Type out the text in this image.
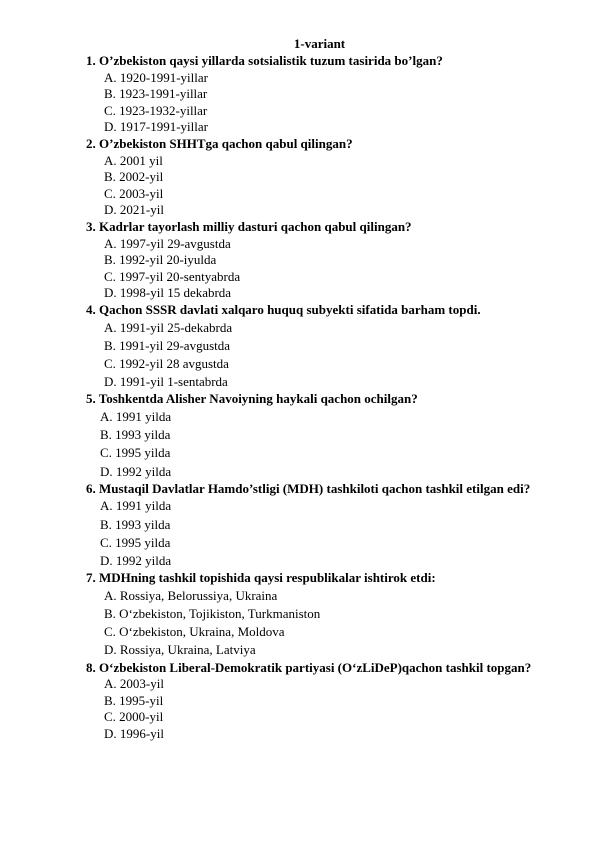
1-variant

1. O’zbekiston qaysi yillarda sotsialistik tuzum tasirida bo’lgan?

A. 1920-1991-yillar
B. 1923-1991-yillar
C. 1923-1932-yillar
D. 1917-1991-yillar

2. O’zbekiston SHHTga qachon qabul qilingan?

A. 2001 yil
B. 2002-yil
C. 2003-yil
D. 2021-yil

3. Kadrlar tayorlash milliy dasturi qachon qabul qilingan?

A. 1997-yil 29-avgustda
B. 1992-yil 20-iyulda
C. 1997-yil 20-sentyabrda
D. 1998-yil 15 dekabrda

4. Qachon SSSR davlati xalqaro huquq subyekti sifatida barham topdi.

A. 1991-yil 25-dekabrda
B. 1991-yil 29-avgustda
C. 1992-yil 28 avgustda
D. 1991-yil 1-sentabrda

5. Toshkentda Alisher Navoiyning haykali qachon ochilgan?

A. 1991 yilda
B. 1993 yilda
C. 1995 yilda
D. 1992 yilda

6. Mustaqil Davlatlar Hamdo’stligi (MDH) tashkiloti qachon tashkil etilgan edi?

A. 1991 yilda
B. 1993 yilda
C. 1995 yilda
D. 1992 yilda

7. MDHning tashkil topishida qaysi respublikalar ishtirok etdi:

A. Rossiya, Belorussiya, Ukraina
B. O‘zbekiston, Tojikiston, Turkmaniston
C. O‘zbekiston, Ukraina, Moldova
D. Rossiya, Ukraina, Latviya

8. O‘zbekiston Liberal-Demokratik partiyasi (O‘zLiDeP)qachon tashkil topgan?

A. 2003-yil
B. 1995-yil
C. 2000-yil
D. 1996-yil
